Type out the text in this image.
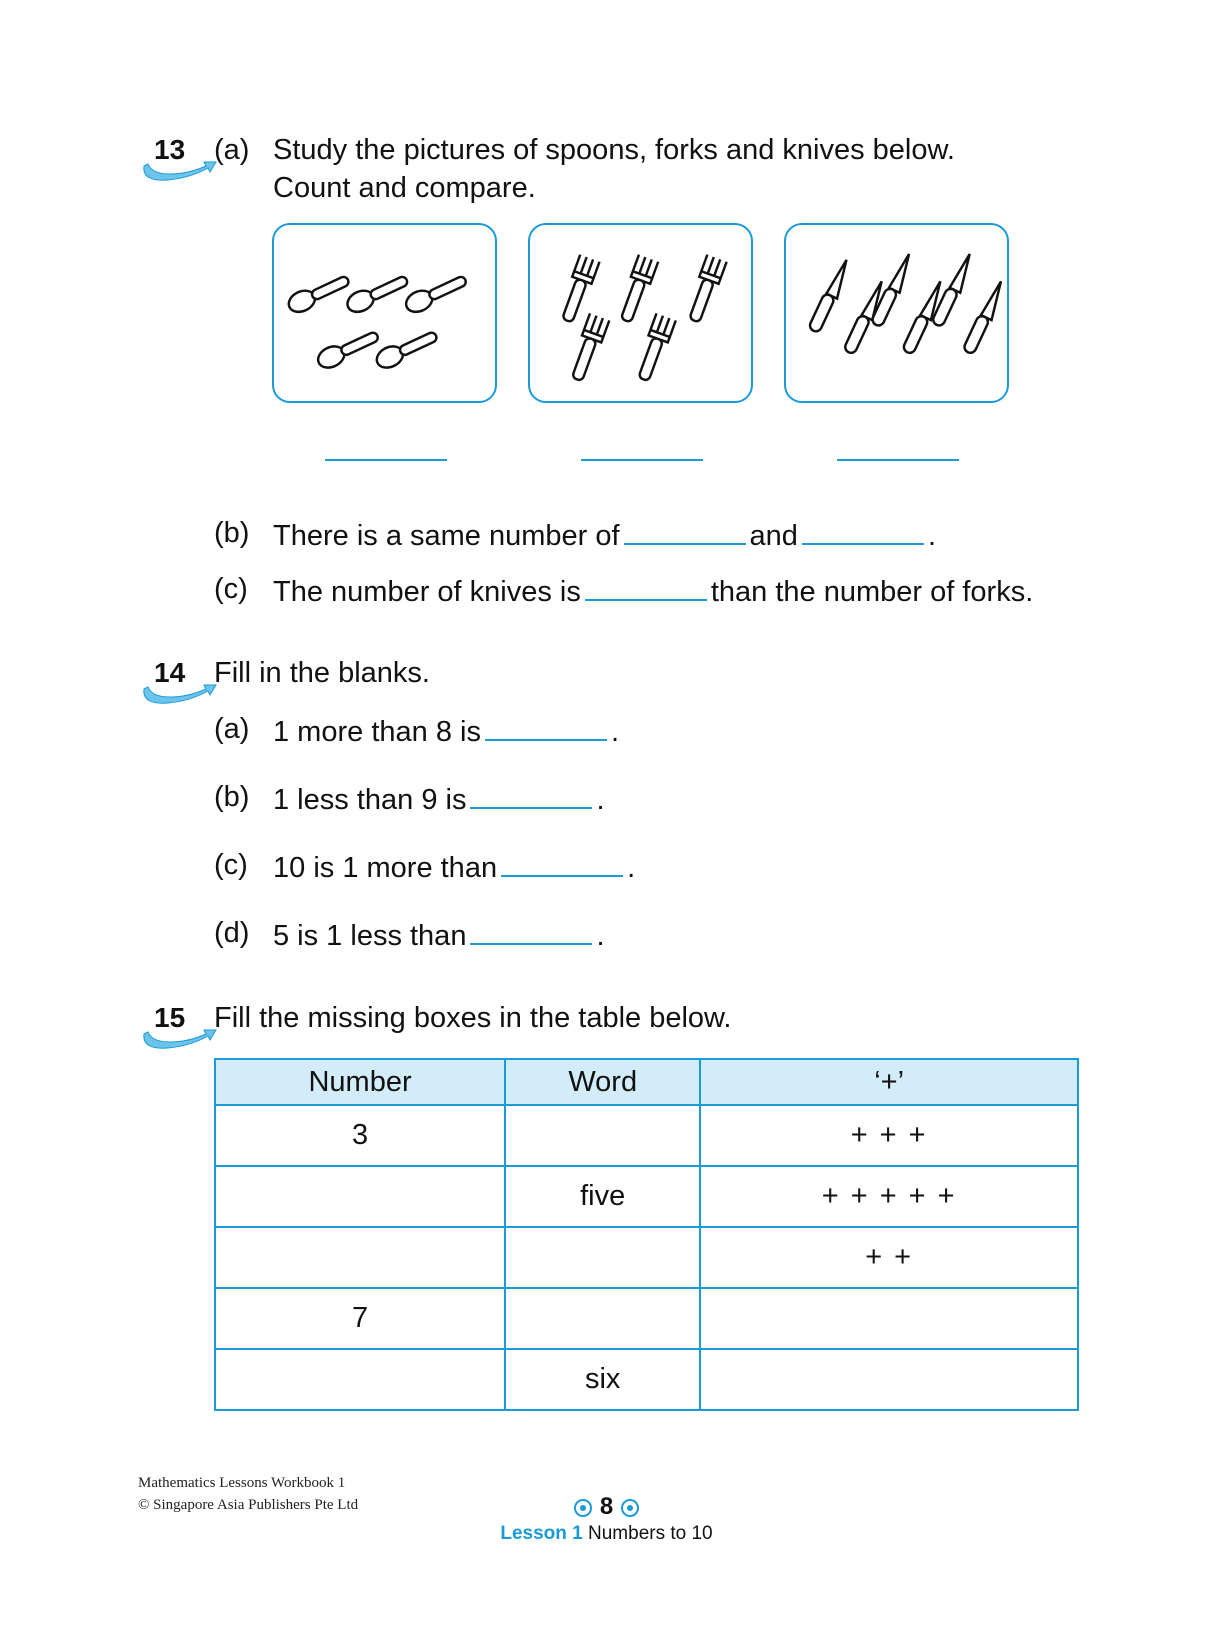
13 (a) Study the pictures of spoons, forks and knives below.
Count and compare.
(b) There is a same number of	and	.
(c) The number of knives is	than the number of forks.
14 Fill in the blanks.
(a) 1 more than 8 is	.
(b) 1 less than 9 is	.
(c) 10 is 1 more than	.
(d) 5 is 1 less than	.
15 Fill the missing boxes in the table below.
Number	Word	‘+’
3		+ + +
	five	+ + + + +
		+ +
7		
	six	
Mathematics Lessons Workbook 1
© Singapore Asia Publishers Pte Ltd	8
Lesson 1 Numbers to 10
